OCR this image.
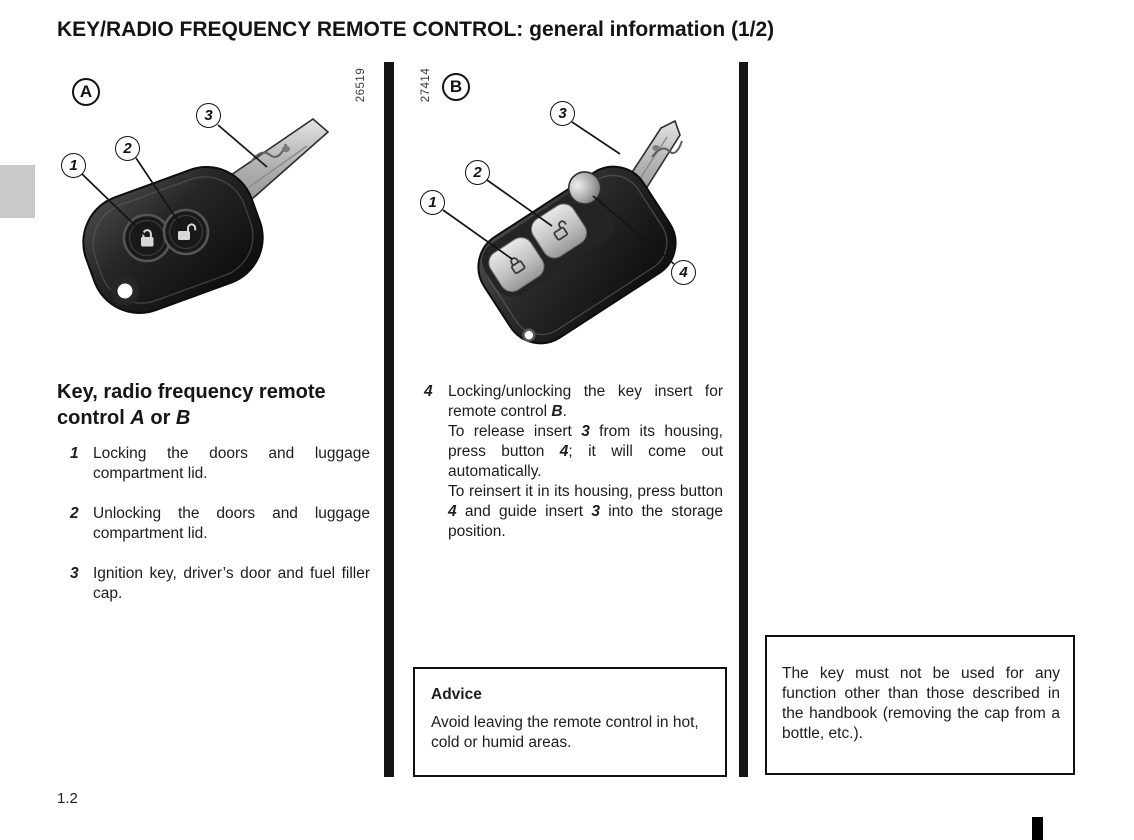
KEY/RADIO FREQUENCY REMOTE CONTROL: general information (1/2)
A	26519
1
2
3
27414	B
1
2
3
4
Key, radio frequency remote
control A or B
1 Locking the doors and luggage compartment lid.
2 Unlocking the doors and luggage compartment lid.
3 Ignition key, driver’s door and fuel filler cap.
4 Locking/unlocking the key insert for remote control B.

To release insert 3 from its housing, press button 4; it will come out automatically.

To reinsert it in its housing, press button 4 and guide insert 3 into the storage position.

Advice

Avoid leaving the remote control in hot, cold or humid areas.

The key must not be used for any function other than those described in the handbook (removing the cap from a bottle, etc.).

1.2
